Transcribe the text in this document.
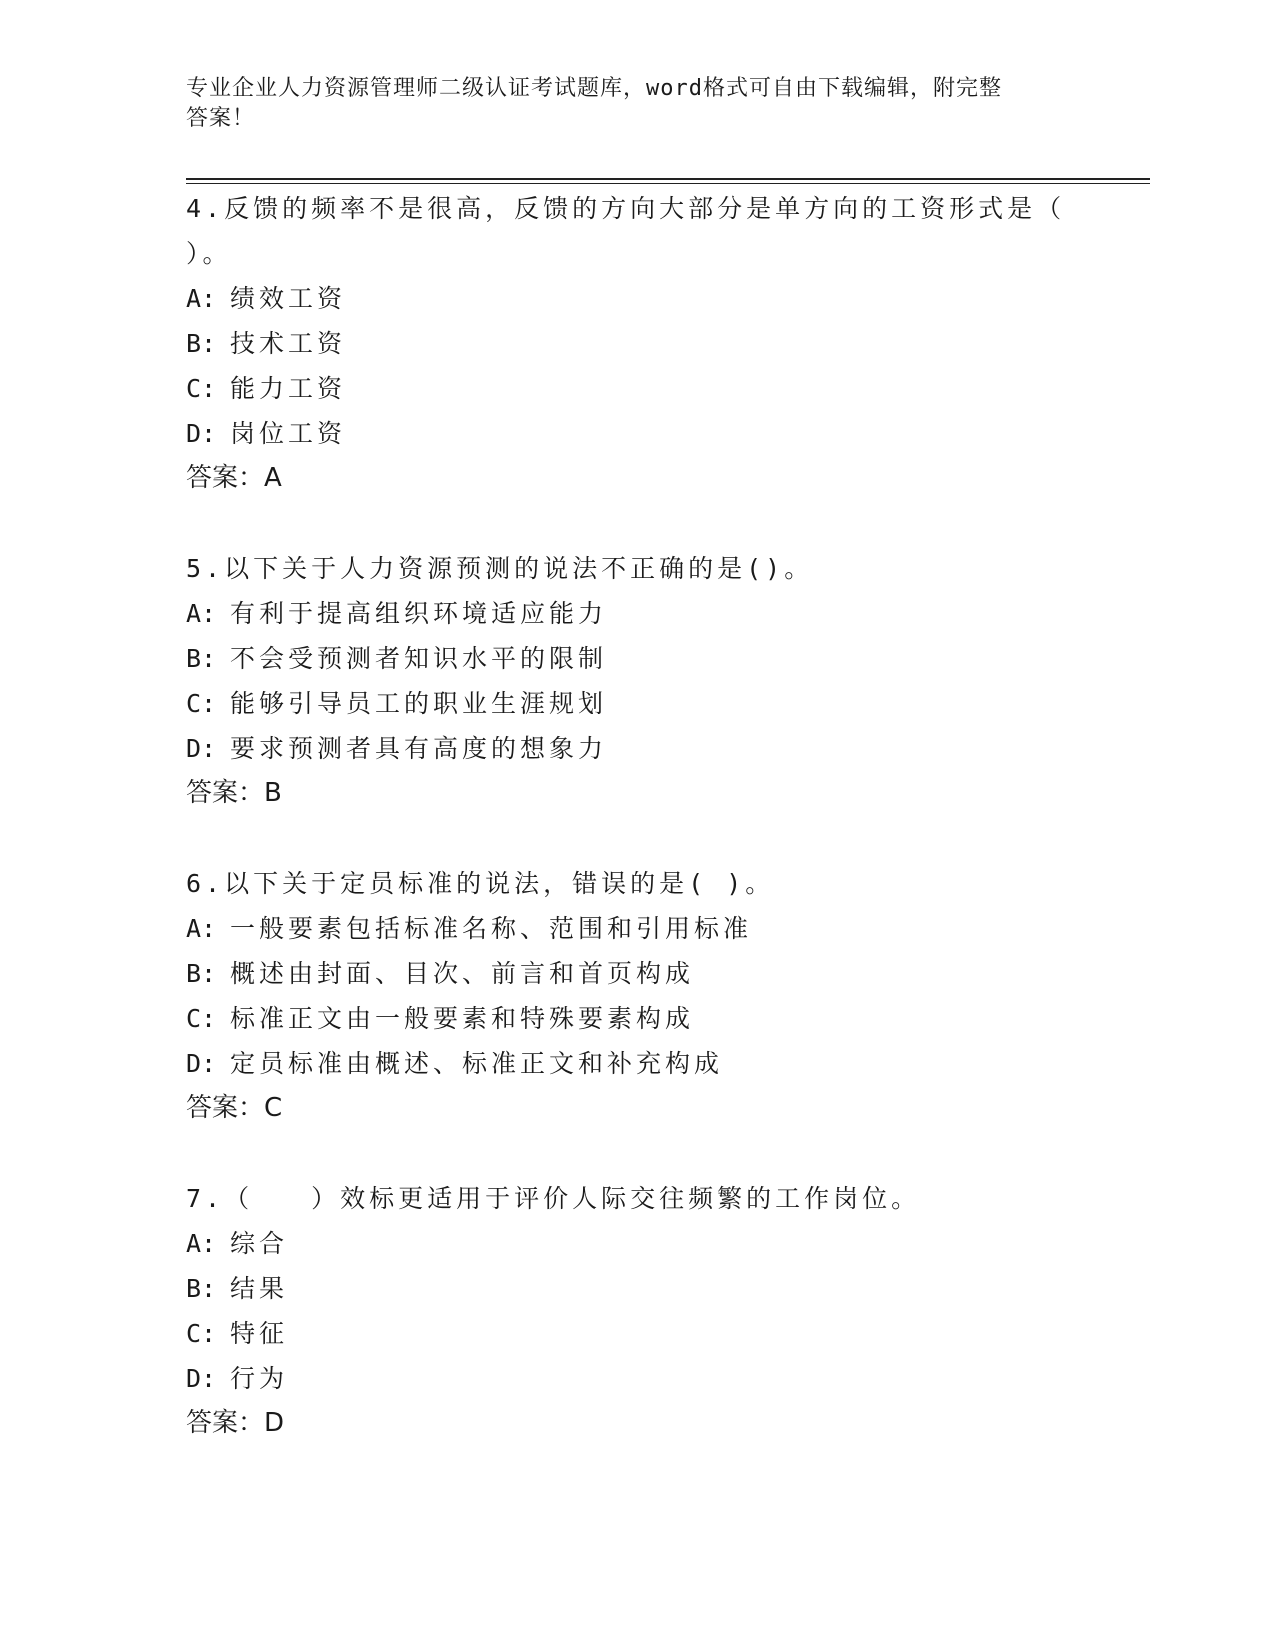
专业企业人力资源管理师二级认证考试题库，word格式可自由下载编辑，附完整
答案！
4.反馈的频率不是很高，反馈的方向大部分是单方向的工资形式是（
）。
A: 绩效工资
B: 技术工资
C: 能力工资
D: 岗位工资
答案：A
5.以下关于人力资源预测的说法不正确的是()。
A: 有利于提高组织环境适应能力
B: 不会受预测者知识水平的限制
C: 能够引导员工的职业生涯规划
D: 要求预测者具有高度的想象力
答案：B
6.以下关于定员标准的说法，错误的是( )。
A: 一般要素包括标准名称、范围和引用标准
B: 概述由封面、目次、前言和首页构成
C: 标准正文由一般要素和特殊要素构成
D: 定员标准由概述、标准正文和补充构成
答案：C
7.（　　）效标更适用于评价人际交往频繁的工作岗位。
A: 综合
B: 结果
C: 特征
D: 行为
答案：D
